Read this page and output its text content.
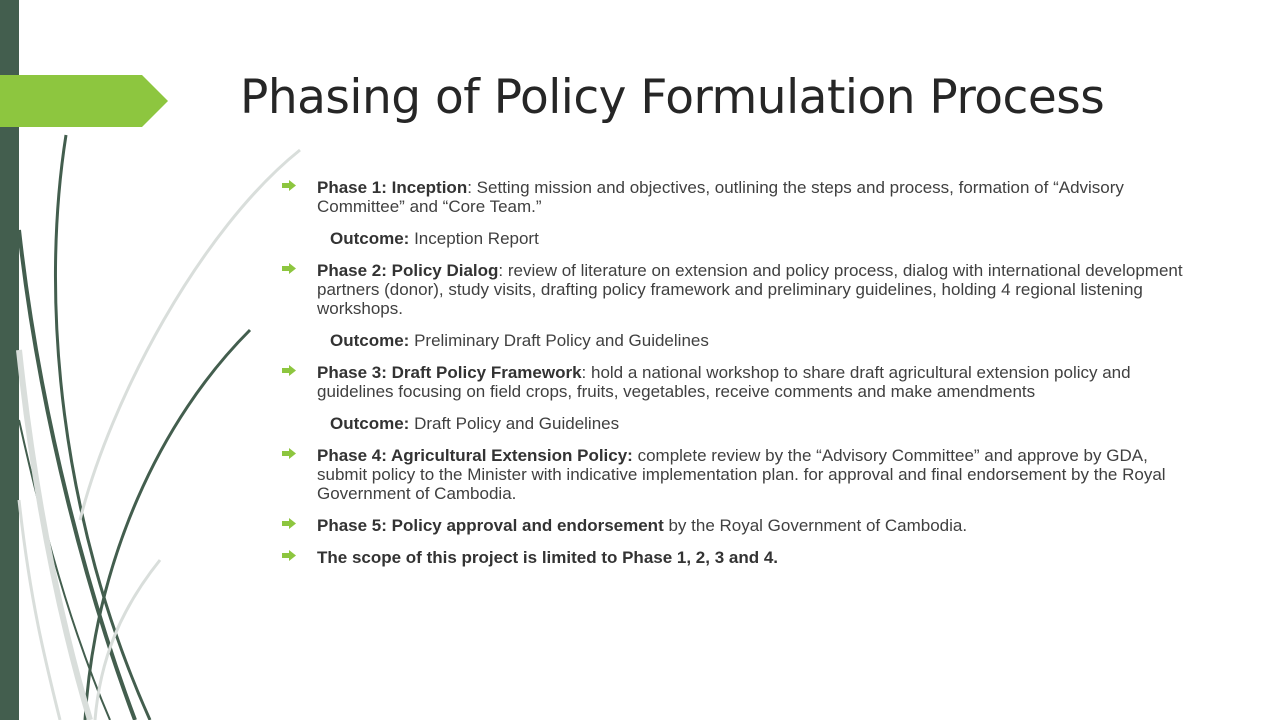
Phasing of Policy Formulation Process
Phase 1: Inception: Setting mission and objectives, outlining the steps and process, formation of “Advisory Committee” and “Core Team.”
Outcome: Inception Report
Phase 2: Policy Dialog: review of literature on extension and policy process, dialog with international development partners (donor), study visits, drafting policy framework and preliminary guidelines, holding 4 regional listening workshops.
Outcome: Preliminary Draft Policy and Guidelines
Phase 3: Draft Policy Framework: hold a national workshop to share draft agricultural extension policy and guidelines focusing on field crops, fruits, vegetables, receive comments and make amendments
Outcome: Draft Policy and Guidelines
Phase 4: Agricultural Extension Policy: complete review by the “Advisory Committee” and approve by GDA, submit policy to the Minister with indicative implementation plan. for approval and final endorsement by the Royal Government of Cambodia.
Phase 5: Policy approval and endorsement by the Royal Government of Cambodia.
The scope of this project is limited to Phase 1, 2, 3 and 4.
